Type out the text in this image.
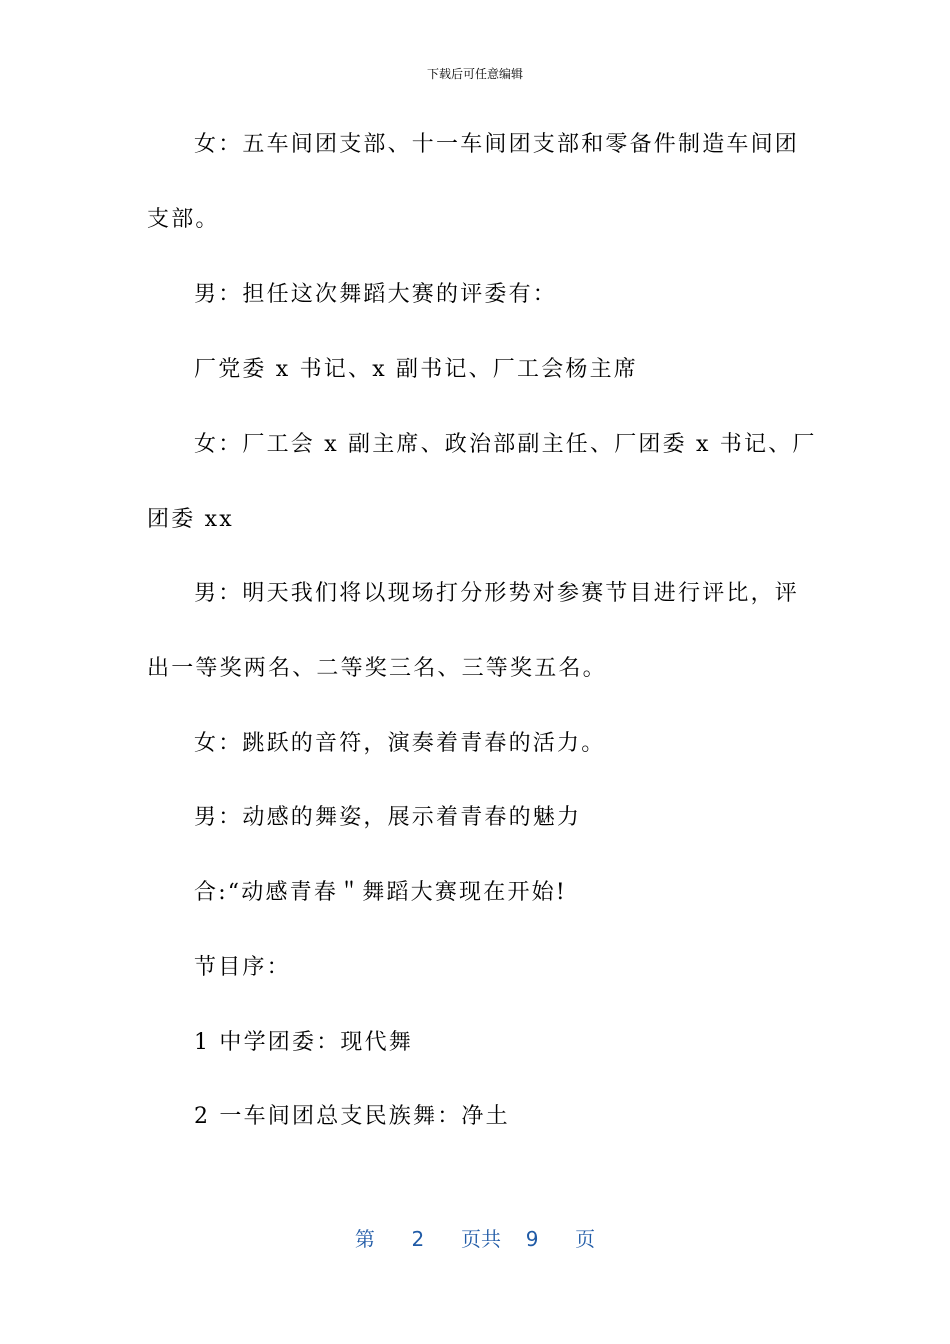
下载后可任意编辑
女：五车间团支部、十一车间团支部和零备件制造车间团
支部。
男：担任这次舞蹈大赛的评委有：
厂党委 x 书记、x 副书记、厂工会杨主席
女：厂工会 x 副主席、政治部副主任、厂团委 x 书记、厂
团委 xx
男：明天我们将以现场打分形势对参赛节目进行评比，评
出一等奖两名、二等奖三名、三等奖五名。
女：跳跃的音符，演奏着青春的活力。
男：动感的舞姿，展示着青春的魅力
合:“动感青春＂舞蹈大赛现在开始!
节目序：
1 中学团委：现代舞
2 一车间团总支民族舞：净土
第 2 页共 9 页
